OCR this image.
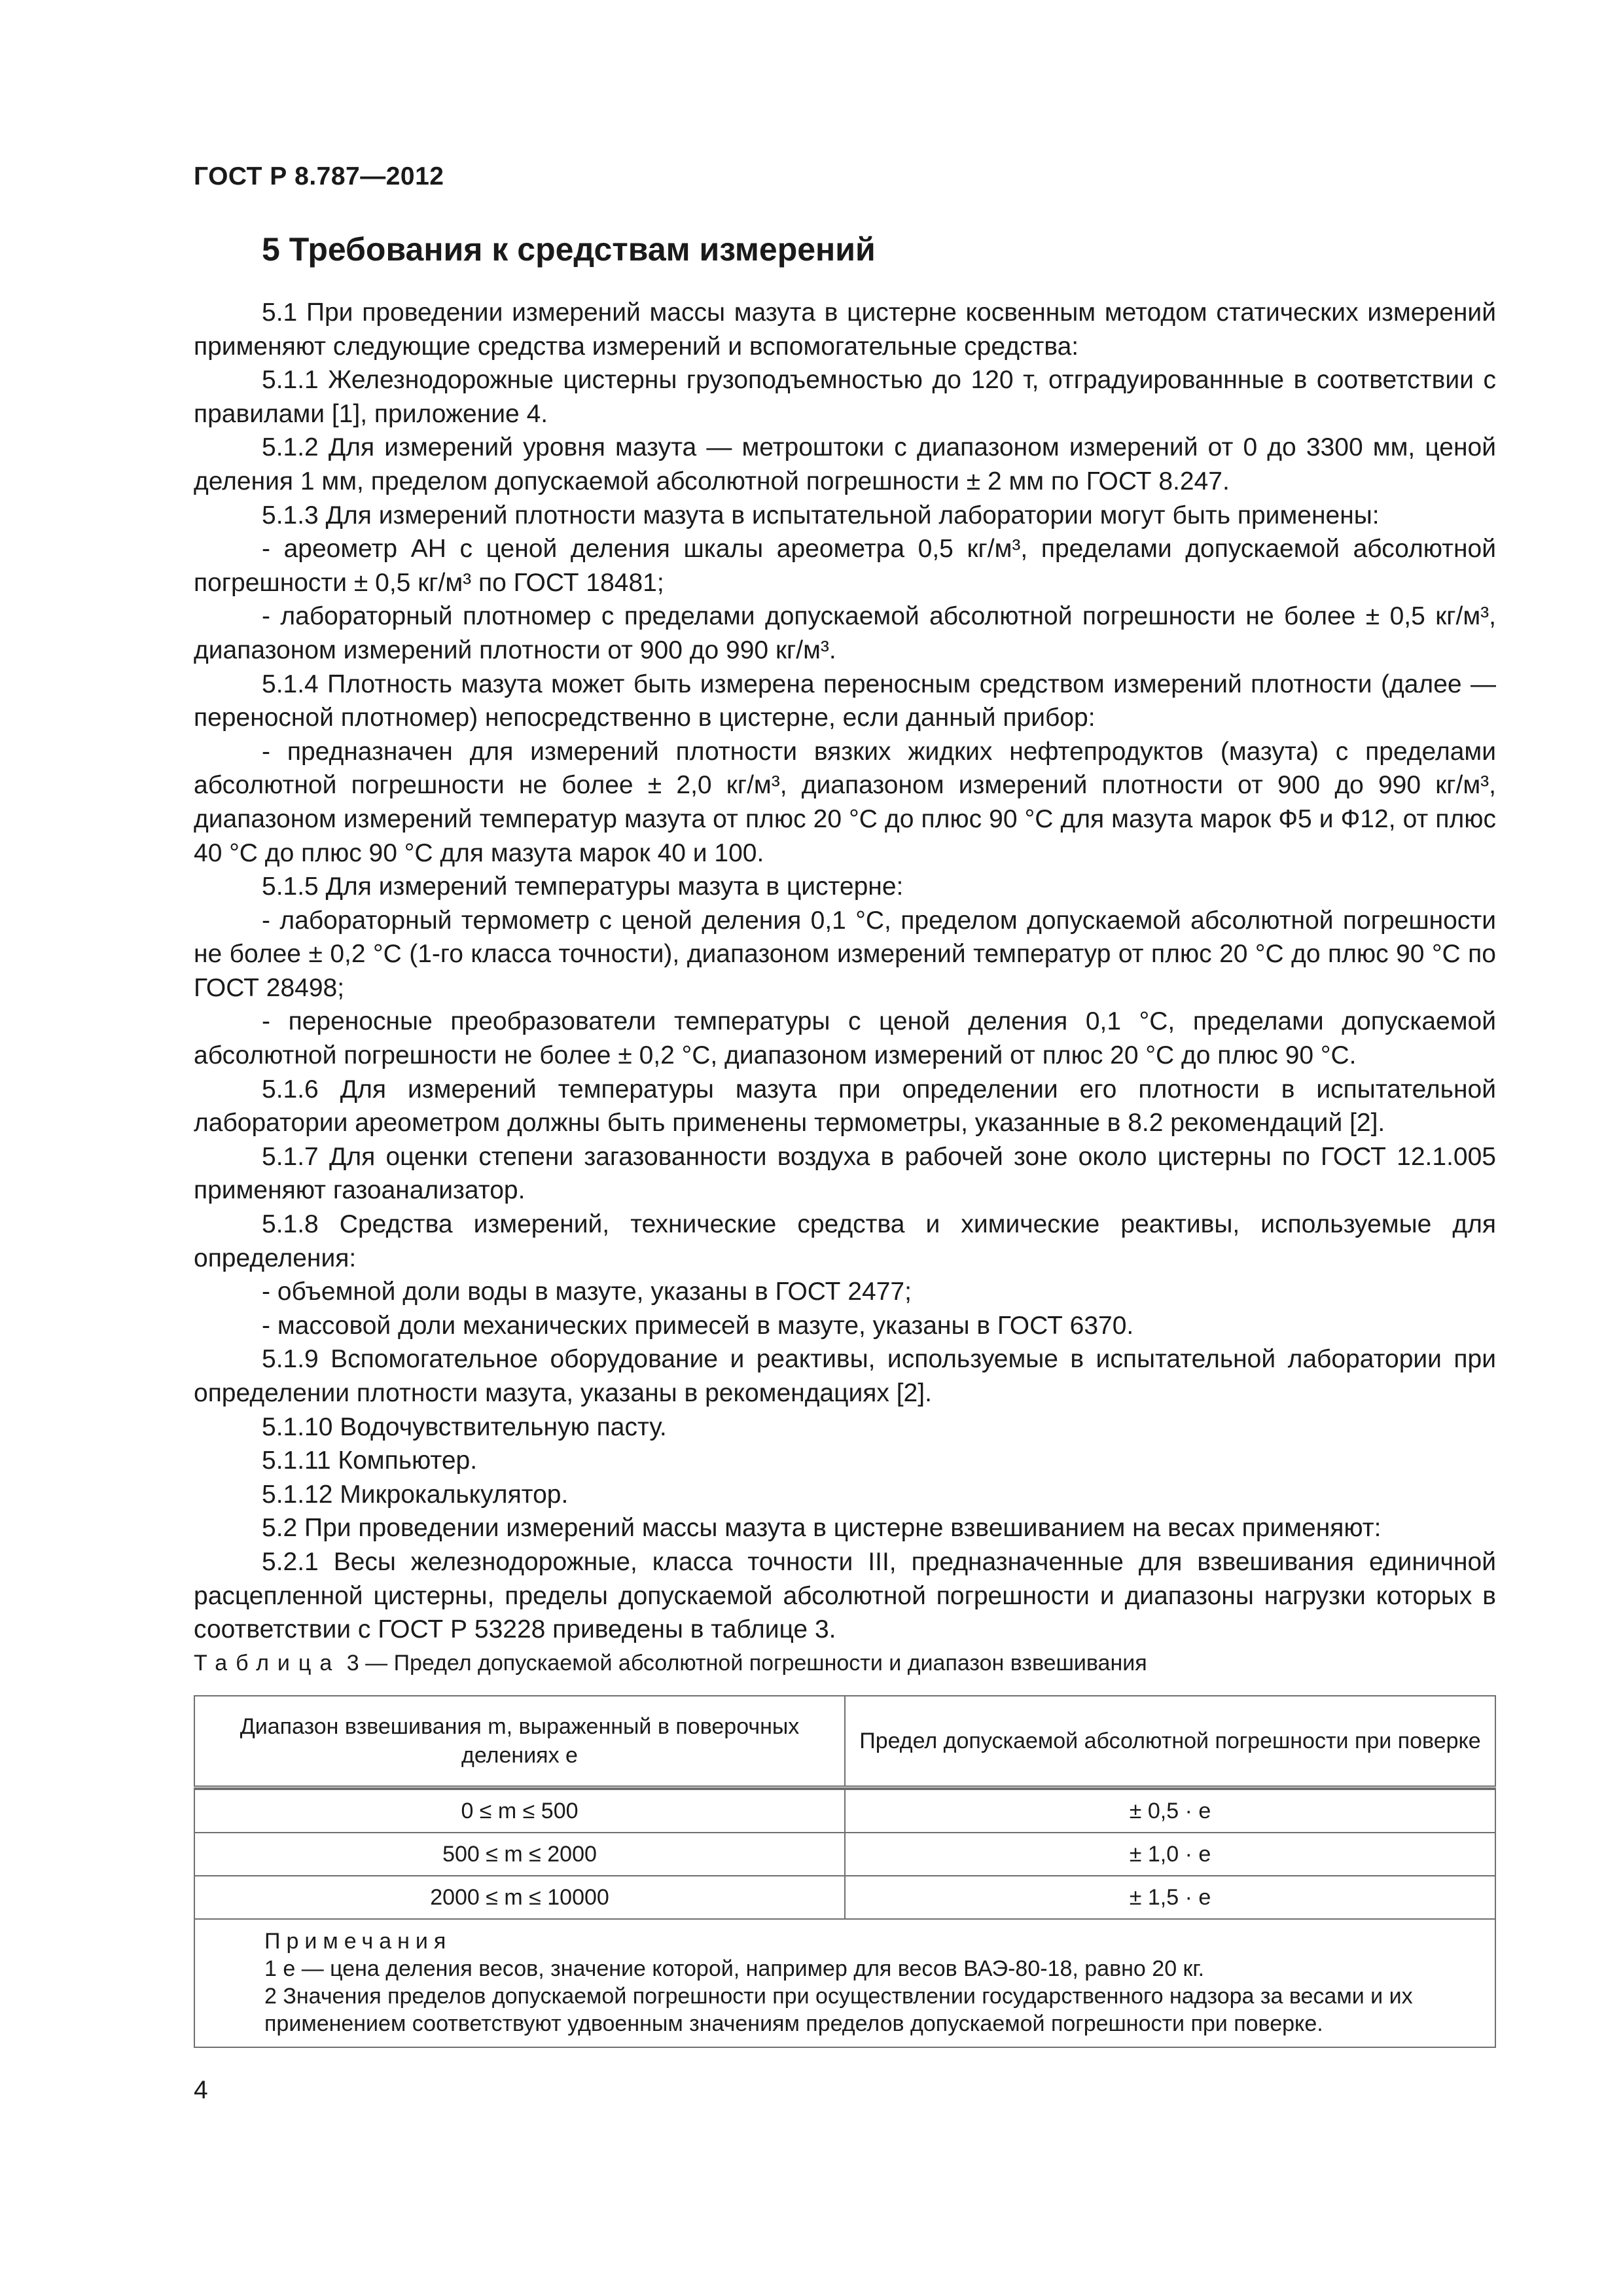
ГОСТ Р 8.787—2012
5 Требования к средствам измерений

5.1 При проведении измерений массы мазута в цистерне косвенным методом статических измерений применяют следующие средства измерений и вспомогательные средства:

5.1.1 Железнодорожные цистерны грузоподъемностью до 120 т, отградуированнные в соответствии с правилами [1], приложение 4.

5.1.2 Для измерений уровня мазута — метроштоки с диапазоном измерений от 0 до 3300 мм, ценой деления 1 мм, пределом допускаемой абсолютной погрешности ± 2 мм по ГОСТ 8.247.

5.1.3 Для измерений плотности мазута в испытательной лаборатории могут быть применены:

- ареометр АН с ценой деления шкалы ареометра 0,5 кг/м³, пределами допускаемой абсолютной погрешности ± 0,5 кг/м³ по ГОСТ 18481;

- лабораторный плотномер с пределами допускаемой абсолютной погрешности не более ± 0,5 кг/м³, диапазоном измерений плотности от 900 до 990 кг/м³.

5.1.4 Плотность мазута может быть измерена переносным средством измерений плотности (далее — переносной плотномер) непосредственно в цистерне, если данный прибор:

- предназначен для измерений плотности вязких жидких нефтепродуктов (мазута) с пределами абсолютной погрешности не более ± 2,0 кг/м³, диапазоном измерений плотности от 900 до 990 кг/м³, диапазоном измерений температур мазута от плюс 20 °С до плюс 90 °С для мазута марок Ф5 и Ф12, от плюс 40 °С до плюс 90 °С для мазута марок 40 и 100.

5.1.5 Для измерений температуры мазута в цистерне:

- лабораторный термометр с ценой деления 0,1 °С, пределом допускаемой абсолютной погрешности не более ± 0,2 °С (1-го класса точности), диапазоном измерений температур от плюс 20 °С до плюс 90 °С по ГОСТ 28498;

- переносные преобразователи температуры с ценой деления 0,1 °С, пределами допускаемой абсолютной погрешности не более ± 0,2 °С, диапазоном измерений от плюс 20 °С до плюс 90 °С.

5.1.6 Для измерений температуры мазута при определении его плотности в испытательной лаборатории ареометром должны быть применены термометры, указанные в 8.2 рекомендаций [2].

5.1.7 Для оценки степени загазованности воздуха в рабочей зоне около цистерны по ГОСТ 12.1.005 применяют газоанализатор.

5.1.8 Средства измерений, технические средства и химические реактивы, используемые для определения:

- объемной доли воды в мазуте, указаны в ГОСТ 2477;

- массовой доли механических примесей в мазуте, указаны в ГОСТ 6370.

5.1.9 Вспомогательное оборудование и реактивы, используемые в испытательной лаборатории при определении плотности мазута, указаны в рекомендациях [2].

5.1.10 Водочувствительную пасту.

5.1.11 Компьютер.

5.1.12 Микрокалькулятор.

5.2 При проведении измерений массы мазута в цистерне взвешиванием на весах применяют:

5.2.1 Весы железнодорожные, класса точности III, предназначенные для взвешивания единичной расцепленной цистерны, пределы допускаемой абсолютной погрешности и диапазоны нагрузки которых в соответствии с ГОСТ Р 53228 приведены в таблице 3.

Таблица 3 — Предел допускаемой абсолютной погрешности и диапазон взвешивания
Диапазон взвешивания m, выраженный в поверочных делениях e	Предел допускаемой абсолютной погрешности при поверке

0 ≤ m ≤ 500	± 0,5 · e
500 ≤ m ≤ 2000	± 1,0 · e
2000 ≤ m ≤ 10000	± 1,5 · e

Примечания
1 e — цена деления весов, значение которой, например для весов ВАЭ-80-18, равно 20 кг.
2 Значения пределов допускаемой погрешности при осуществлении государственного надзора за весами и их применением соответствуют удвоенным значениям пределов допускаемой погрешности при поверке.	
4
